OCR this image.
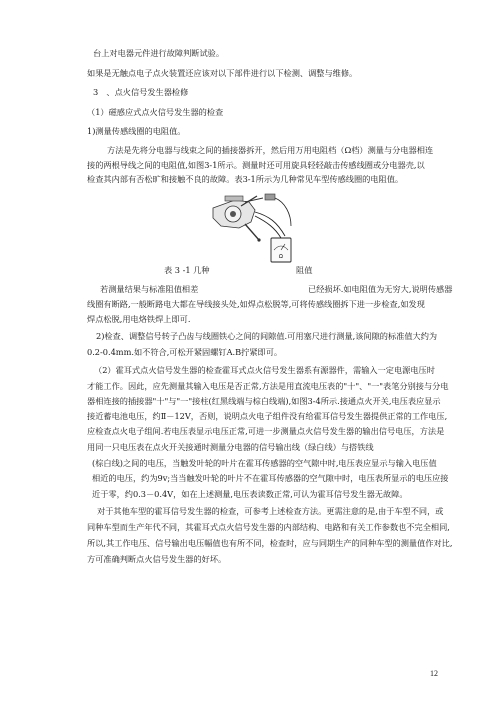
台上对电器元件进行故障判断试验。
如果是无触点电子点火装置还应该对以下部件进行以下检测、调整与维修。
3　、点火信号发生器检修
（1）磁感应式点火信号发生器的检查
1)测量传感线圈的电阻值。
方法是先将分电器与线束之间的插接器拆开，然后用万用电阻档（Ω档）测量与分电器相连
接的两根导线之间的电阻值,如图3-1所示。测量时还可用旋具轻轻敲击传感线圈或分电器壳,以
检查其内部有否松旷和接触不良的故障。表3-1所示为几种常见车型传感线圈的电阻值。
表 3 -1 几种	阻值
若测量结果与标准阻值相差	已经损坏.如电阻值为无穷大,说明传感器
线圈有断路,一般断路电大都在导线接头处,如焊点松脱等,可将传感线圈拆下进一步检查,如发现
焊点松脱,用电烙铁焊上即可.
2)检查、调整信号转子凸齿与线圈铁心之间的间隙值.可用塞尺进行测量,该间隙的标准值大约为
0.2-0.4mm.如不符合,可松开紧固螺钉A.B拧紧即可。
（2）霍耳式点火信号发生器的检查霍耳式点火信号发生器系有源器件，需输入一定电源电压时
才能工作。因此，应先测量其输入电压是否正常,方法是用直流电压表的"十"、"一"表笔分别接与分电
器相连接的插接器"十"与"一"接柱(红黑线端与棕白线端),如图3-4所示.接通点火开关,电压表应显示
接近蓄电池电压，约Ⅱ－12V，否则，说明点火电子组件没有给霍耳信号发生器提供正常的工作电压,
应检查点火电子组间.若电压表显示电压正常,可进一步测量点火信号发生器的输出信号电压，方法是
用同一只电压表在点火开关接通时测量分电器的信号输出线（绿白线）与搭铁线
(棕白线)之间的电压，当触发叶轮的叶片在霍耳传感器的空气隙中时,电压表应显示与输入电压值
相近的电压，约为9v;当当触发叶轮的叶片不在霍耳传感器的空气隙中时，电压表所显示的电压应接
近于零，约0.3－0.4V，如在上述测量,电压表读数正常,可认为霍耳信号发生器无故障。
对于其他车型的霍耳信号发生器的检查，可参考上述检查方法。更需注意的是,由于车型不同，或
同种车型而生产年代不同，其霍耳式点火信号发生器的内部结构、电路和有关工作参数也不完全相同,
所以,其工作电压、信号输出电压幅值也有所不同，检查时，应与同期生产的同种车型的测量值作对比,
方可准确判断点火信号发生器的好坏。
Ω
12
